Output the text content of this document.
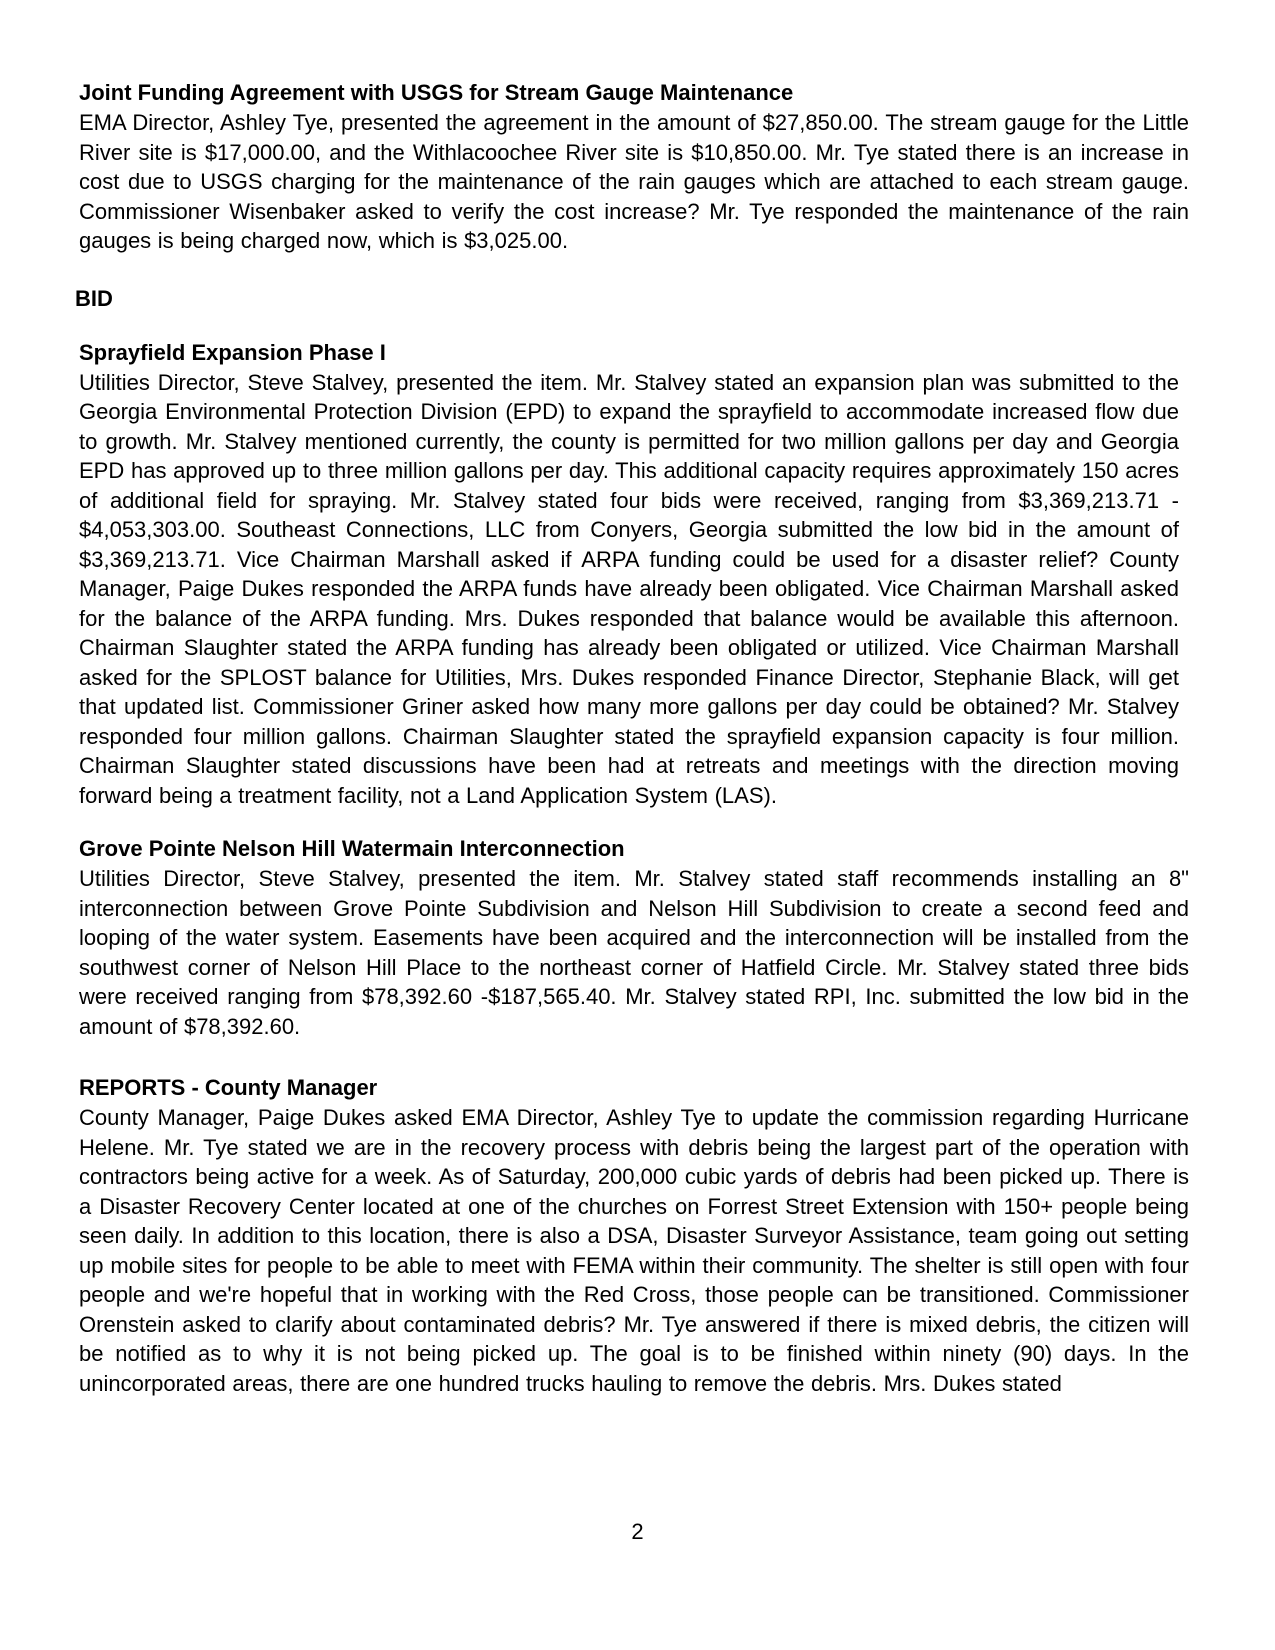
Joint Funding Agreement with USGS for Stream Gauge Maintenance

EMA Director, Ashley Tye, presented the agreement in the amount of $27,850.00. The stream gauge for the Little River site is $17,000.00, and the Withlacoochee River site is $10,850.00. Mr. Tye stated there is an increase in cost due to USGS charging for the maintenance of the rain gauges which are attached to each stream gauge. Commissioner Wisenbaker asked to verify the cost increase? Mr. Tye responded the maintenance of the rain gauges is being charged now, which is $3,025.00.

BID

Sprayfield Expansion Phase I

Utilities Director, Steve Stalvey, presented the item. Mr. Stalvey stated an expansion plan was submitted to the Georgia Environmental Protection Division (EPD) to expand the sprayfield to accommodate increased flow due to growth. Mr. Stalvey mentioned currently, the county is permitted for two million gallons per day and Georgia EPD has approved up to three million gallons per day. This additional capacity requires approximately 150 acres of additional field for spraying. Mr. Stalvey stated four bids were received, ranging from $3,369,213.71 - $4,053,303.00. Southeast Connections, LLC from Conyers, Georgia submitted the low bid in the amount of $3,369,213.71. Vice Chairman Marshall asked if ARPA funding could be used for a disaster relief? County Manager, Paige Dukes responded the ARPA funds have already been obligated. Vice Chairman Marshall asked for the balance of the ARPA funding. Mrs. Dukes responded that balance would be available this afternoon. Chairman Slaughter stated the ARPA funding has already been obligated or utilized. Vice Chairman Marshall asked for the SPLOST balance for Utilities, Mrs. Dukes responded Finance Director, Stephanie Black, will get that updated list. Commissioner Griner asked how many more gallons per day could be obtained? Mr. Stalvey responded four million gallons. Chairman Slaughter stated the sprayfield expansion capacity is four million. Chairman Slaughter stated discussions have been had at retreats and meetings with the direction moving forward being a treatment facility, not a Land Application System (LAS).

Grove Pointe Nelson Hill Watermain Interconnection

Utilities Director, Steve Stalvey, presented the item. Mr. Stalvey stated staff recommends installing an 8" interconnection between Grove Pointe Subdivision and Nelson Hill Subdivision to create a second feed and looping of the water system. Easements have been acquired and the interconnection will be installed from the southwest corner of Nelson Hill Place to the northeast corner of Hatfield Circle. Mr. Stalvey stated three bids were received ranging from $78,392.60 -$187,565.40. Mr. Stalvey stated RPI, Inc. submitted the low bid in the amount of $78,392.60.

REPORTS - County Manager

County Manager, Paige Dukes asked EMA Director, Ashley Tye to update the commission regarding Hurricane Helene. Mr. Tye stated we are in the recovery process with debris being the largest part of the operation with contractors being active for a week. As of Saturday, 200,000 cubic yards of debris had been picked up. There is a Disaster Recovery Center located at one of the churches on Forrest Street Extension with 150+ people being seen daily. In addition to this location, there is also a DSA, Disaster Surveyor Assistance, team going out setting up mobile sites for people to be able to meet with FEMA within their community. The shelter is still open with four people and we're hopeful that in working with the Red Cross, those people can be transitioned. Commissioner Orenstein asked to clarify about contaminated debris? Mr. Tye answered if there is mixed debris, the citizen will be notified as to why it is not being picked up. The goal is to be finished within ninety (90) days. In the unincorporated areas, there are one hundred trucks hauling to remove the debris. Mrs. Dukes stated

2
